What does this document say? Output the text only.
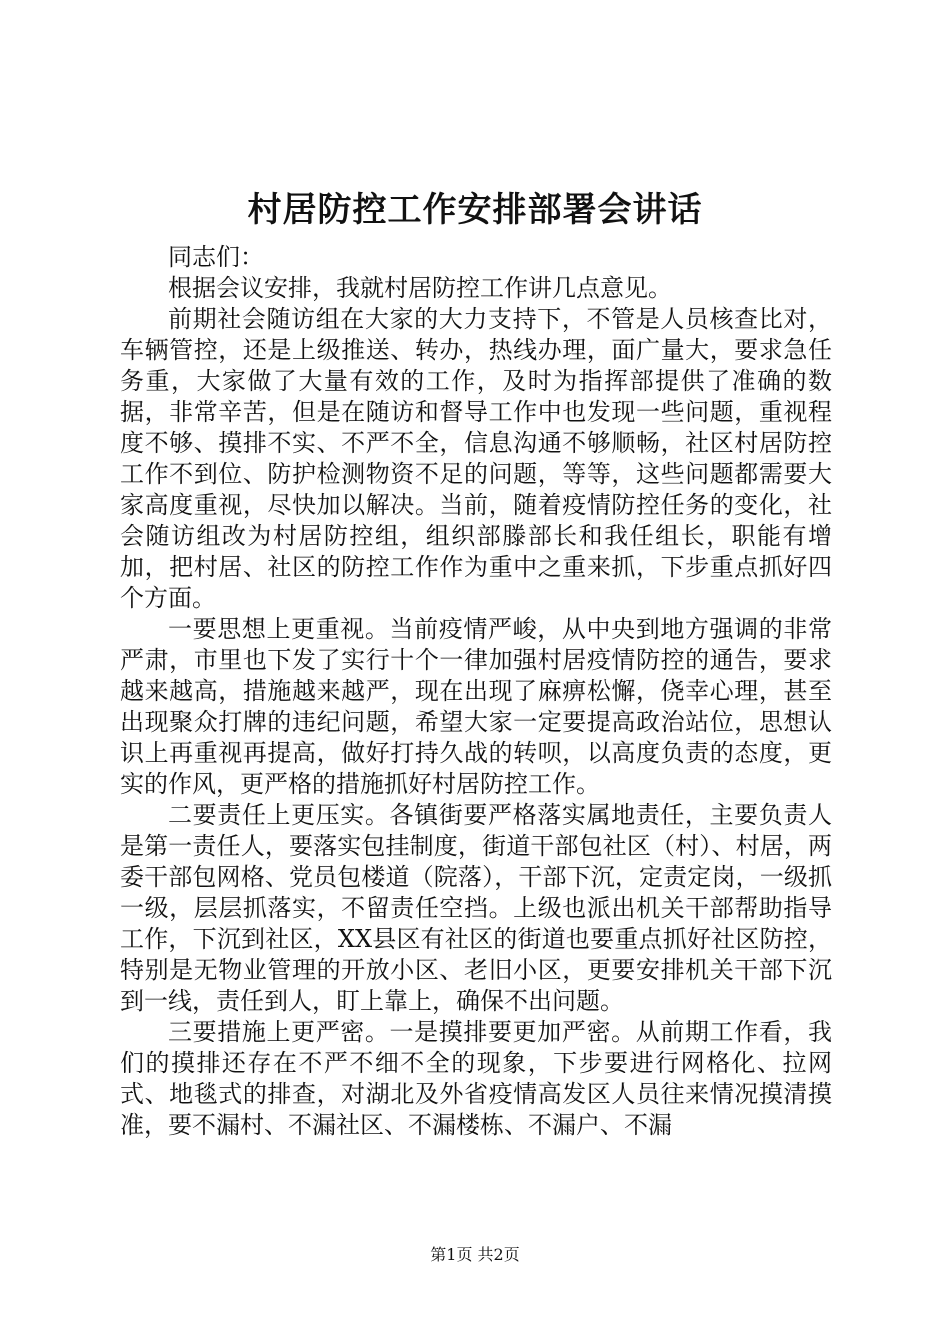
村居防控工作安排部署会讲话

同志们：

根据会议安排，我就村居防控工作讲几点意见。

前期社会随访组在大家的大力支持下，不管是人员核查比对，车辆管控，还是上级推送、转办，热线办理，面广量大，要求急任务重，大家做了大量有效的工作，及时为指挥部提供了准确的数据，非常辛苦，但是在随访和督导工作中也发现一些问题，重视程度不够、摸排不实、不严不全，信息沟通不够顺畅，社区村居防控工作不到位、防护检测物资不足的问题，等等，这些问题都需要大家高度重视，尽快加以解决。当前，随着疫情防控任务的变化，社会随访组改为村居防控组，组织部滕部长和我任组长，职能有增加，把村居、社区的防控工作作为重中之重来抓，下步重点抓好四个方面。

一要思想上更重视。当前疫情严峻，从中央到地方强调的非常严肃，市里也下发了实行十个一律加强村居疫情防控的通告，要求越来越高，措施越来越严，现在出现了麻痹松懈，侥幸心理，甚至出现聚众打牌的违纪问题，希望大家一定要提高政治站位，思想认识上再重视再提高，做好打持久战的转呗，以高度负责的态度，更实的作风，更严格的措施抓好村居防控工作。

二要责任上更压实。各镇街要严格落实属地责任，主要负责人是第一责任人，要落实包挂制度，街道干部包社区（村）、村居，两委干部包网格、党员包楼道（院落），干部下沉，定责定岗，一级抓一级，层层抓落实，不留责任空挡。上级也派出机关干部帮助指导工作，下沉到社区，XX县区有社区的街道也要重点抓好社区防控，特别是无物业管理的开放小区、老旧小区，更要安排机关干部下沉到一线，责任到人，盯上靠上，确保不出问题。

三要措施上更严密。一是摸排要更加严密。从前期工作看，我们的摸排还存在不严不细不全的现象，下步要进行网格化、拉网式、地毯式的排查，对湖北及外省疫情高发区人员往来情况摸清摸准，要不漏村、不漏社区、不漏楼栋、不漏户、不漏

第1页 共2页
